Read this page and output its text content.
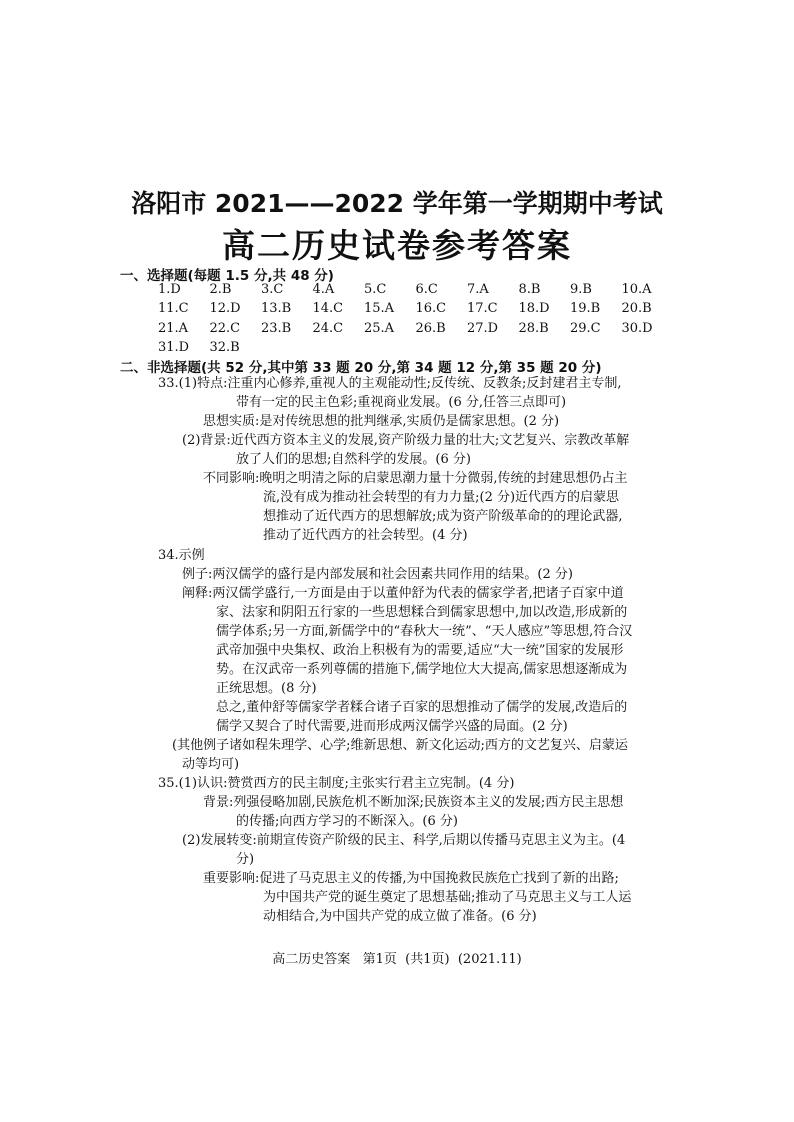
洛阳市 2021——2022 学年第一学期期中考试
高二历史试卷参考答案
一、选择题(每题 1.5 分,共 48 分)
1.D	2.B	3.C	4.A	5.C	6.C	7.A	8.B	9.B	10.A
11.C	12.D	13.B	14.C	15.A	16.C	17.C	18.D	19.B	20.B
21.A	22.C	23.B	24.C	25.A	26.B	27.D	28.B	29.C	30.D
31.D	32.B
二、非选择题(共 52 分,其中第 33 题 20 分,第 34 题 12 分,第 35 题 20 分)
33.(1)特点:注重内心修养,重视人的主观能动性;反传统、反教条;反封建君主专制,
带有一定的民主色彩;重视商业发展。(6 分,任答三点即可)
思想实质:是对传统思想的批判继承,实质仍是儒家思想。(2 分)
(2)背景:近代西方资本主义的发展,资产阶级力量的壮大;文艺复兴、宗教改革解
放了人们的思想;自然科学的发展。(6 分)
不同影响:晚明之明清之际的启蒙思潮力量十分微弱,传统的封建思想仍占主
流,没有成为推动社会转型的有力力量;(2 分)近代西方的启蒙思
想推动了近代西方的思想解放;成为资产阶级革命的的理论武器,
推动了近代西方的社会转型。(4 分)
34.示例
例子:两汉儒学的盛行是内部发展和社会因素共同作用的结果。(2 分)
阐释:两汉儒学盛行,一方面是由于以董仲舒为代表的儒家学者,把诸子百家中道
家、法家和阴阳五行家的一些思想糅合到儒家思想中,加以改造,形成新的
儒学体系;另一方面,新儒学中的“春秋大一统”、“天人感应”等思想,符合汉
武帝加强中央集权、政治上积极有为的需要,适应“大一统”国家的发展形
势。在汉武帝一系列尊儒的措施下,儒学地位大大提高,儒家思想逐渐成为
正统思想。(8 分)
总之,董仲舒等儒家学者糅合诸子百家的思想推动了儒学的发展,改造后的
儒学又契合了时代需要,进而形成两汉儒学兴盛的局面。(2 分)
(其他例子诸如程朱理学、心学;维新思想、新文化运动;西方的文艺复兴、启蒙运
动等均可)
35.(1)认识:赞赏西方的民主制度;主张实行君主立宪制。(4 分)
背景:列强侵略加剧,民族危机不断加深;民族资本主义的发展;西方民主思想
的传播;向西方学习的不断深入。(6 分)
(2)发展转变:前期宣传资产阶级的民主、科学,后期以传播马克思主义为主。(4
分)
重要影响:促进了马克思主义的传播,为中国挽救民族危亡找到了新的出路;
为中国共产党的诞生奠定了思想基础;推动了马克思主义与工人运
动相结合,为中国共产党的成立做了准备。(6 分)
高二历史答案   第1页  (共1页)  (2021.11)
